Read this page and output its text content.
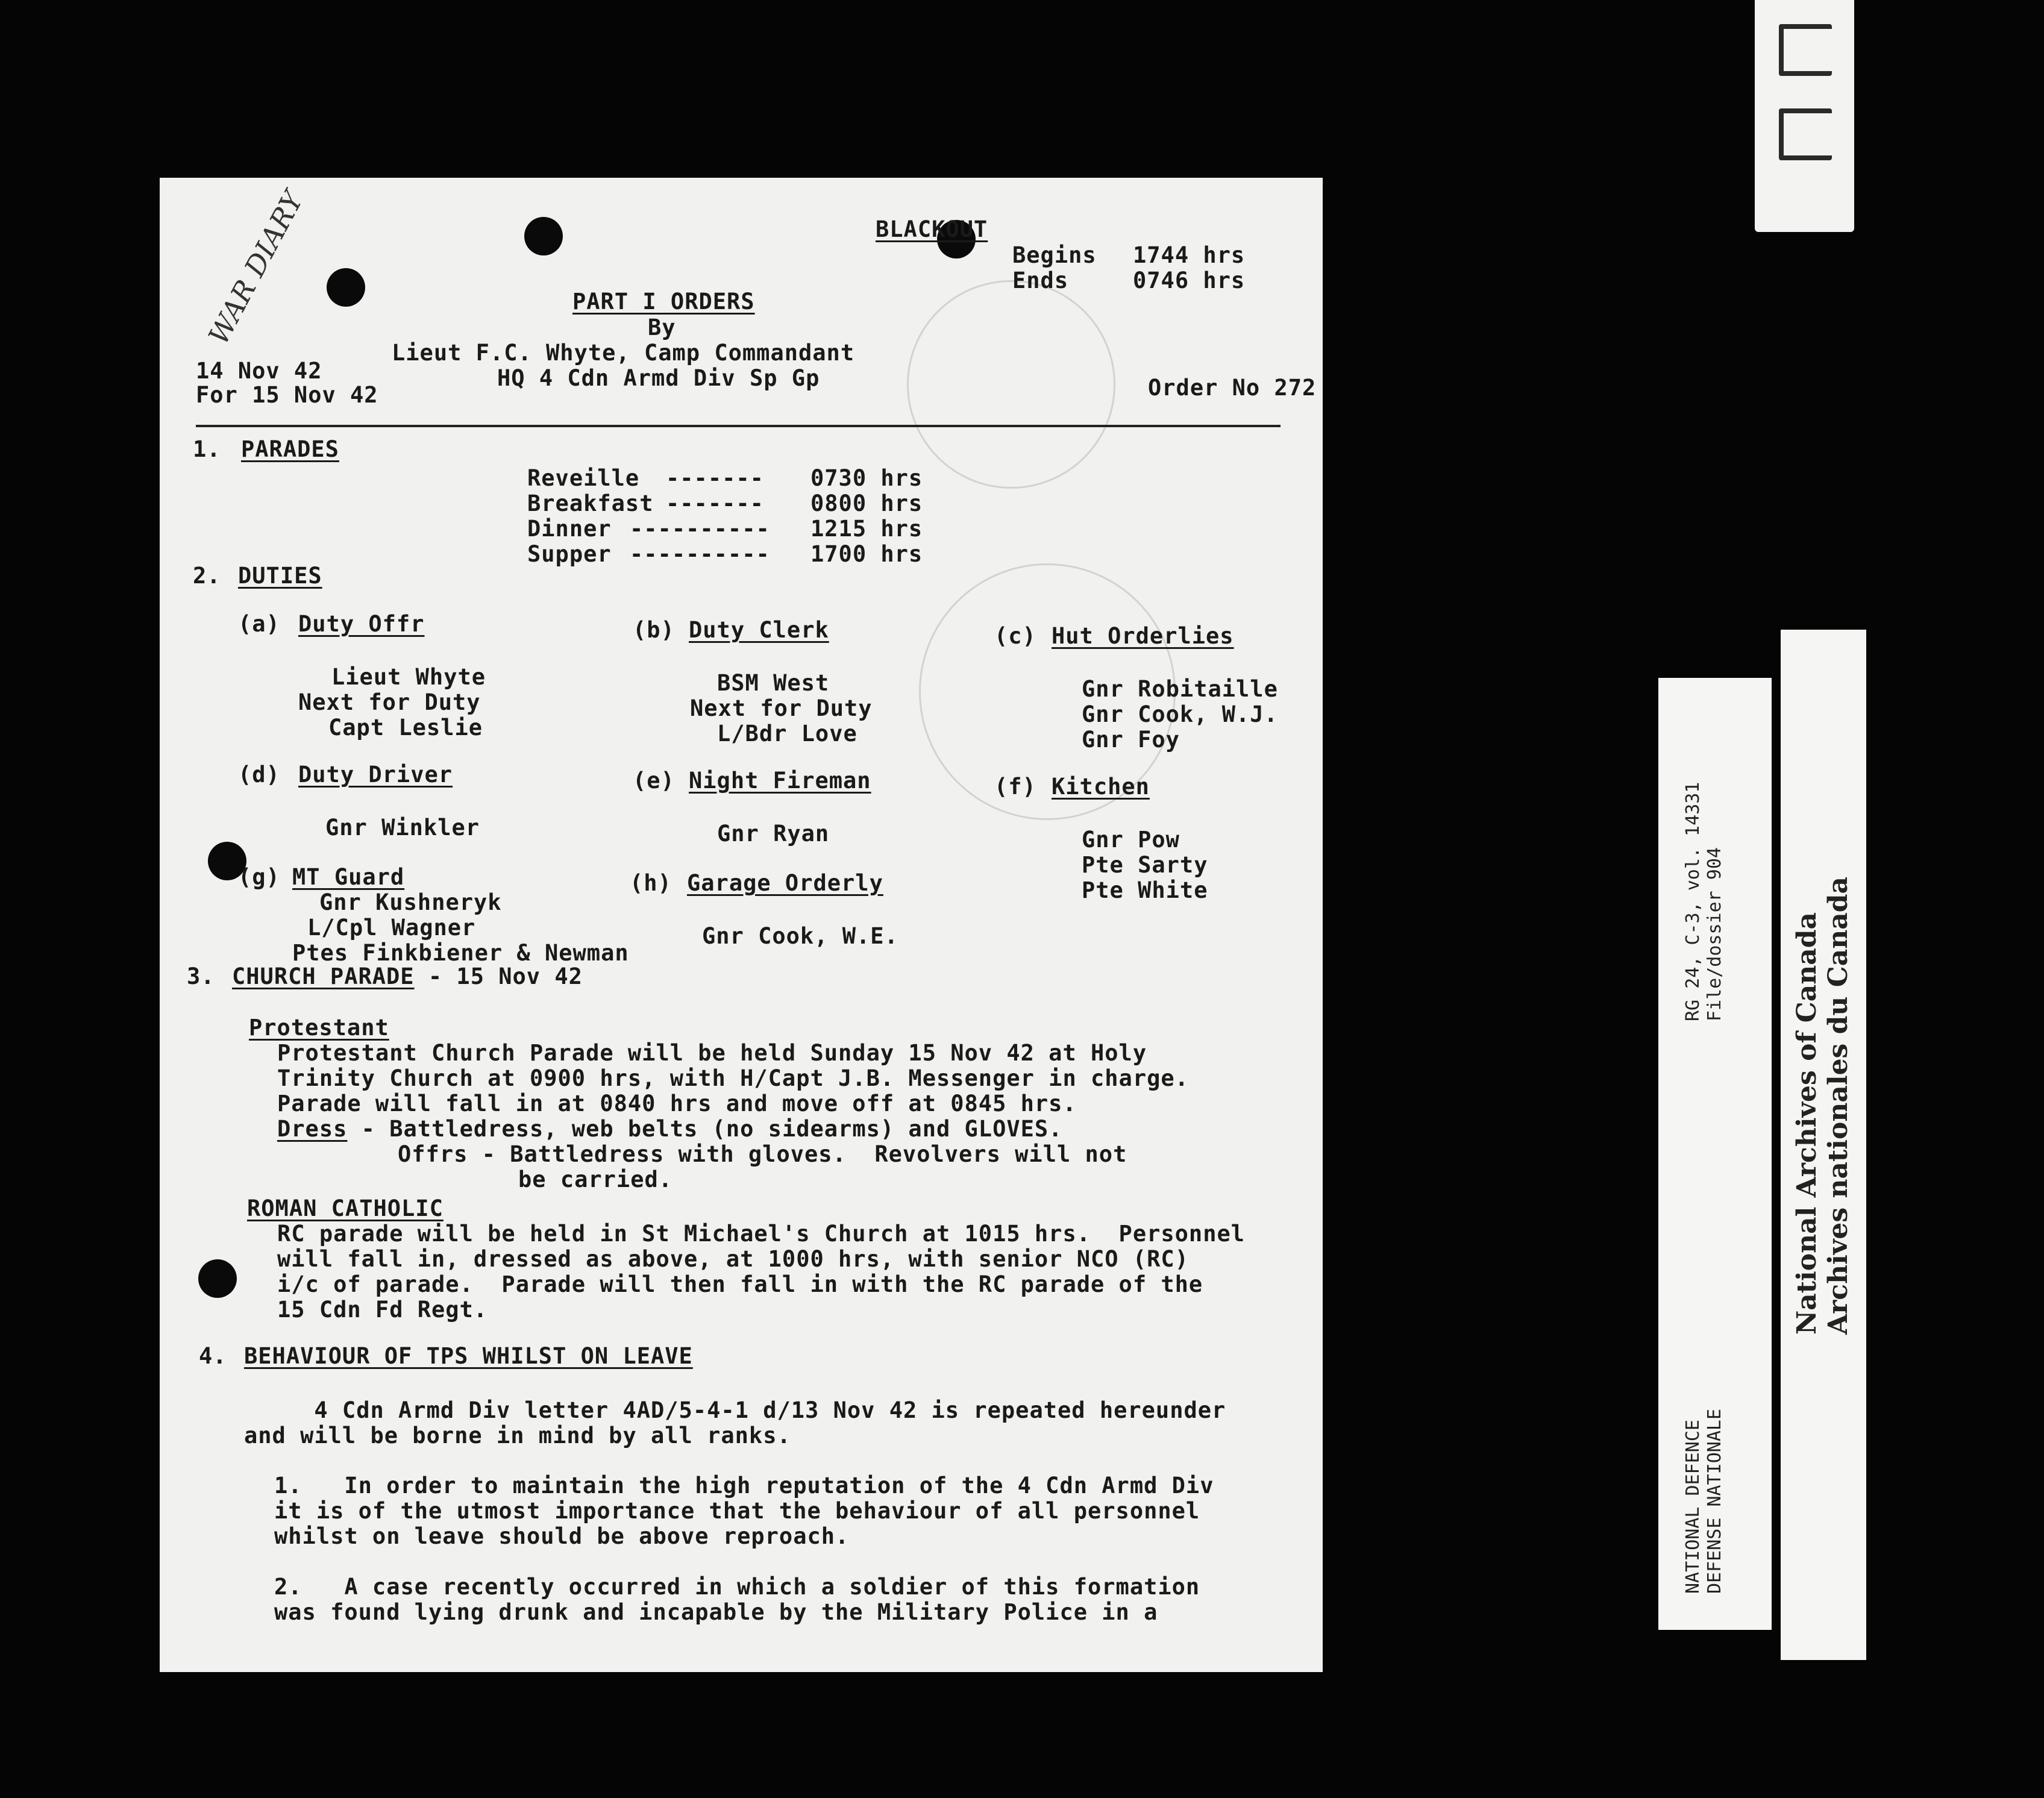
WAR DIARY	BLACKOUT
Begins 1744 hrs
Ends	0746 hrs
PART I ORDERS
By
Lieut F.C. Whyte, Camp Commandant
14 Nov 42	HQ 4 Cdn Armd Div Sp Gp
For 15 Nov 42	Order No 272
1. PARADES
Reveille ------- 0730 hrs
Breakfast ------- 0800 hrs
Dinner ---------- 1215 hrs
Supper ---------- 1700 hrs
2. DUTIES
(a) Duty Offr
Lieut Whyte
Next for Duty
Capt Leslie
(b) Duty Clerk
BSM West
Next for Duty
L/Bdr Love
(c) Hut Orderlies
Gnr Robitaille
Gnr Cook, W.J.
Gnr Foy
(d) Duty Driver
Gnr Winkler
(e) Night Fireman
Gnr Ryan
(f) Kitchen
Gnr Pow
Pte Sarty
Pte White
(g) MT Guard
Gnr Kushneryk
L/Cpl Wagner
Ptes Finkbiener & Newman
(h) Garage Orderly
Gnr Cook, W.E.
3. CHURCH PARADE - 15 Nov 42
Protestant
Protestant Church Parade will be held Sunday 15 Nov 42 at Holy
Trinity Church at 0900 hrs, with H/Capt J.B. Messenger in charge.
Parade will fall in at 0840 hrs and move off at 0845 hrs.
Dress - Battledress, web belts (no sidearms) and GLOVES.
Offrs - Battledress with gloves.  Revolvers will not
be carried.
ROMAN CATHOLIC
RC parade will be held in St Michael's Church at 1015 hrs.  Personnel
will fall in, dressed as above, at 1000 hrs, with senior NCO (RC)
i/c of parade.  Parade will then fall in with the RC parade of the
15 Cdn Fd Regt.
4. BEHAVIOUR OF TPS WHILST ON LEAVE
4 Cdn Armd Div letter 4AD/5-4-1 d/13 Nov 42 is repeated hereunder
and will be borne in mind by all ranks.
1.   In order to maintain the high reputation of the 4 Cdn Armd Div
it is of the utmost importance that the behaviour of all personnel
whilst on leave should be above reproach.
2.   A case recently occurred in which a soldier of this formation
was found lying drunk and incapable by the Military Police in a
RG 24, C-3, vol. 14331 File/dossier 904
NATIONAL DEFENCE DEFENSE NATIONALE
National Archives of Canada Archives nationales du Canada
